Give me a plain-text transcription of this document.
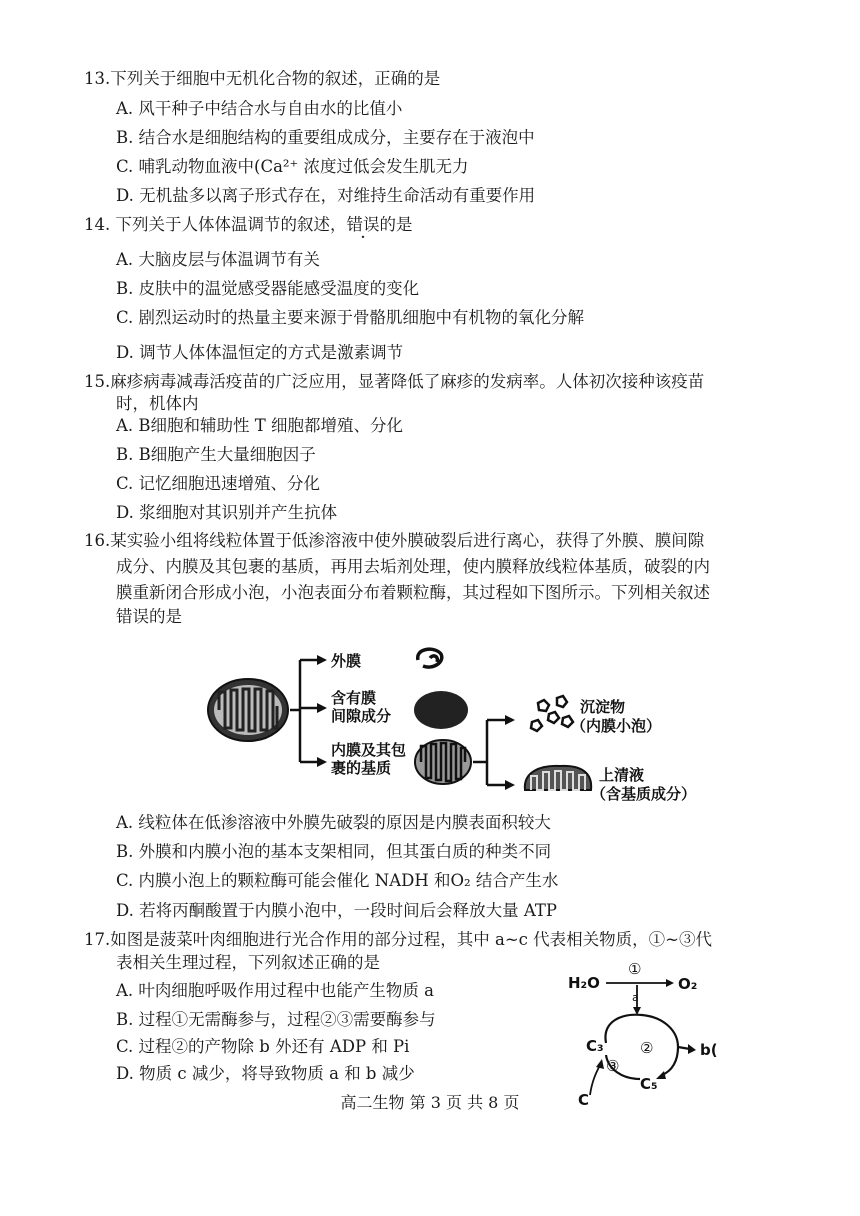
13.下列关于细胞中无机化合物的叙述，正确的是
A. 风干种子中结合水与自由水的比值小
B. 结合水是细胞结构的重要组成成分，主要存在于液泡中
C. 哺乳动物血液中(Ca²⁺ 浓度过低会发生肌无力
D. 无机盐多以离子形式存在，对维持生命活动有重要作用
14. 下列关于人体体温调节的叙述，错误的是
A. 大脑皮层与体温调节有关
B. 皮肤中的温觉感受器能感受温度的变化
C. 剧烈运动时的热量主要来源于骨骼肌细胞中有机物的氧化分解
D. 调节人体体温恒定的方式是激素调节
15.麻疹病毒减毒活疫苗的广泛应用，显著降低了麻疹的发病率。人体初次接种该疫苗
时，机体内
A. B细胞和辅助性 T 细胞都增殖、分化
B. B细胞产生大量细胞因子
C. 记忆细胞迅速增殖、分化
D. 浆细胞对其识别并产生抗体
16.某实验小组将线粒体置于低渗溶液中使外膜破裂后进行离心，获得了外膜、膜间隙
成分、内膜及其包裹的基质，再用去垢剂处理，使内膜释放线粒体基质，破裂的内
膜重新闭合形成小泡，小泡表面分布着颗粒酶，其过程如下图所示。下列相关叙述
错误的是
外膜
含有膜
间隙成分
内膜及其包
裹的基质
沉淀物
（内膜小泡）
上清液
（含基质成分）
A. 线粒体在低渗溶液中外膜先破裂的原因是内膜表面积较大
B. 外膜和内膜小泡的基本支架相同，但其蛋白质的种类不同
C. 内膜小泡上的颗粒酶可能会催化 NADH 和O₂ 结合产生水
D. 若将丙酮酸置于内膜小泡中，一段时间后会释放大量 ATP
17.如图是菠菜叶肉细胞进行光合作用的部分过程，其中 a~c 代表相关物质，①~③代
表相关生理过程，下列叙述正确的是
A. 叶肉细胞呼吸作用过程中也能产生物质 a
B. 过程①无需酶参与，过程②③需要酶参与
C. 过程②的产物除 b 外还有 ADP 和 Pi
D. 物质 c 减少，将导致物质 a 和 b 减少
H₂O	O₂
①
a
b(
C₃ ②
③
C₅
C
高二生物 第 3 页 共 8 页
